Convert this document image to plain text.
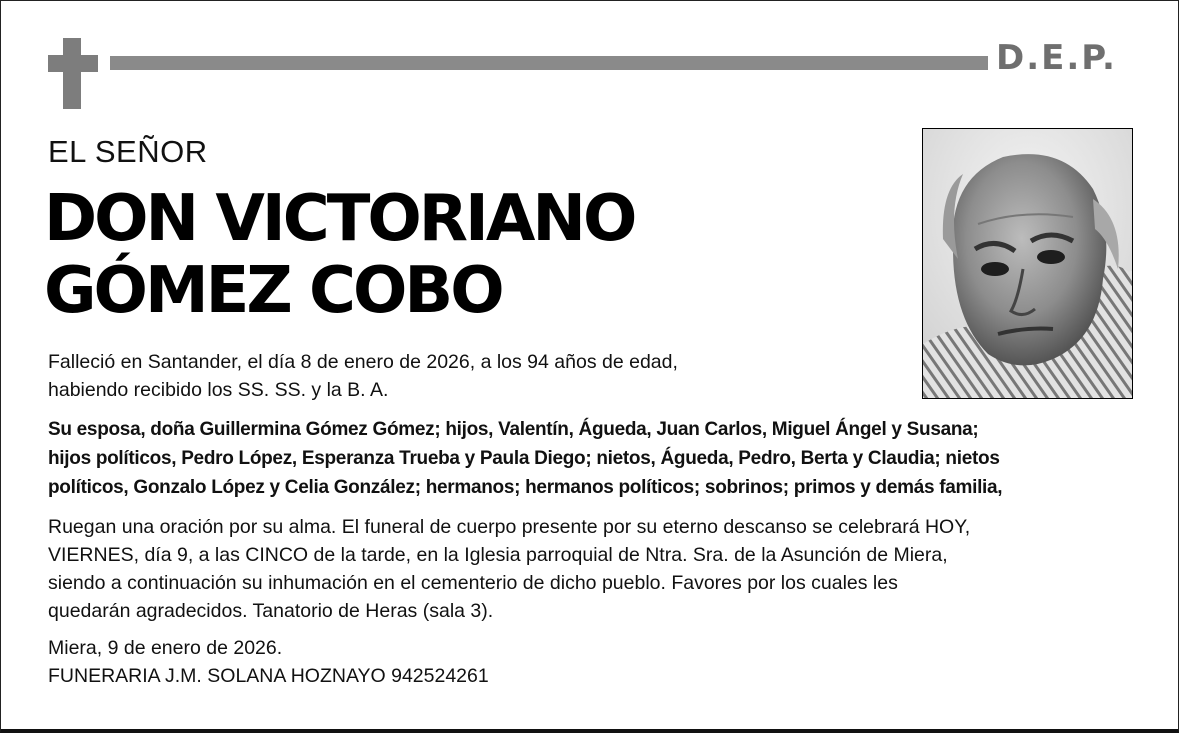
D.E.P.
EL SEÑOR
DON VICTORIANO
GÓMEZ COBO
Falleció en Santander, el día 8 de enero de 2026, a los 94 años de edad,
habiendo recibido los SS. SS. y la B. A.
Su esposa, doña Guillermina Gómez Gómez; hijos, Valentín, Águeda, Juan Carlos, Miguel Ángel y Susana;
hijos políticos, Pedro López, Esperanza Trueba y Paula Diego; nietos, Águeda, Pedro, Berta y Claudia; nietos
políticos, Gonzalo López y Celia González; hermanos; hermanos políticos; sobrinos; primos y demás familia,
Ruegan una oración por su alma. El funeral de cuerpo presente por su eterno descanso se celebrará HOY,
VIERNES, día 9, a las CINCO de la tarde, en la Iglesia parroquial de Ntra. Sra. de la Asunción de Miera,
siendo a continuación su inhumación en el cementerio de dicho pueblo. Favores por los cuales les
quedarán agradecidos. Tanatorio de Heras (sala 3).
Miera, 9 de enero de 2026.
FUNERARIA J.M. SOLANA HOZNAYO 942524261
